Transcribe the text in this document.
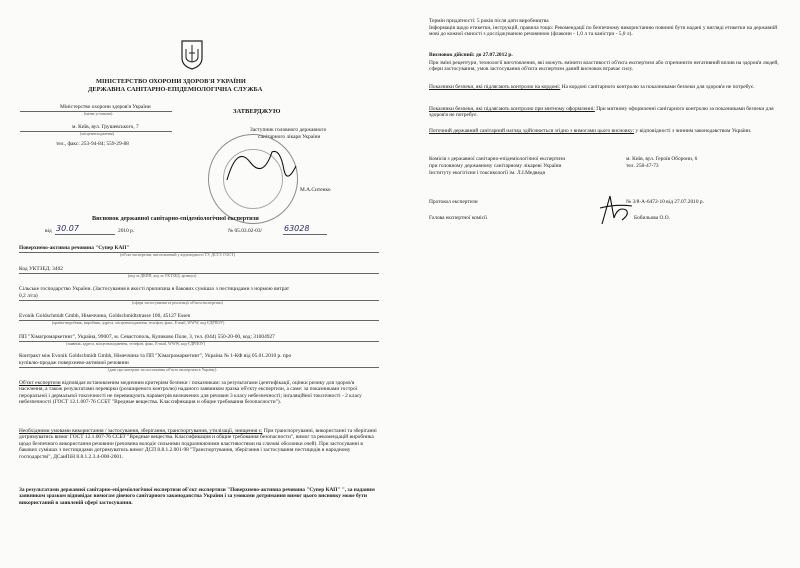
МІНІСТЕРСТВО ОХОРОНИ ЗДОРОВ'Я УКРАЇНИ
ДЕРЖАВНА САНІТАРНО-ЕПІДЕМІОЛОГІЧНА СЛУЖБА
Міністерство охорони здоров'я України
(назва установи)
м. Київ, вул. Грушевського, 7
(місцезнаходження)
тел., факс: 253-94-84; 559-29-88
ЗАТВЕРДЖУЮ
Заступник головного державного
санітарного лікаря України
М.А.Ситенко
Висновок державної санітарно-епідеміологічної експертизи
від 30.07	2010 р.	№ 05.03.02-03/	63028
Поверхнево-активна речовина "Супер КАП"
(об'єкт експертизи, виготовлений у відповідності ТУ, ДСТУ, ГОСТ)
Код УКТЗЕД: 3402
(код за ДКПП, код за УКТЗЕД, артикул)
Сільське господарство України. (Застосування в якості прилипача в бакових сумішах з пестицидами з нормою витрат
0,2 л/га)
(сфера застосування та реалізації об'єкта експертизи)
Evonik Goldschmidt Gmbh, Німеччина, Goldschmidtstrasse 100, 45127 Essen
(країна-виробник, виробник, адреса, місцезнаходження, телефон, факс, E-mail, WWW, код ЄДРПОУ)
ПП "Хімагромаркетинг", Україна, 99007, м. Севастополь, Куликово Поле, 3, тел. (044) 550-20-00, код: 31004927
(заявник, адреса, місцезнаходження, телефон, факс, E-mail, WWW, код ЄДРПОУ)
Контракт між Evonik Goldschmidt Gmbh, Німеччина та ПП "Хімагромаркетинг", Україна № 1-КФ від 05.01.2010 р. про
купівлю-продаж поверхнево-активної речовини
(дані про контракт на постачання об'єкта експертизи в Україну)
Об'єкт експертизи відповідає встановленим медичним критеріям безпеки / показникам: за результатами ідентифікації, оцінки ризику для здоров'я населення, а також результатами перевірки (розширеного контролю) наданого заявником зразка об'єкту експертизи, а саме: за показниками гострої пероральної і дермальної токсичності не перевищують параметрів визначених для речовин 3 класу небезпечності; інгаляційної токсичності - 2 класу небезпечності (ГОСТ 12.1.007-76 ССБТ "Вредные вещества. Классификация и общие требования безопасности").
Необхідними умовами використання / застосування, зберігання, транспортування, утилізації, знищення є: При транспортуванні, використанні та зберіганні дотримуватись вимог ГОСТ 12.1.007-76 ССБТ "Вредные вещества. Классификация и общие требования безопасности", вимог та рекомендацій виробника щодо безпечного використання речовини (речовина володіє сильними подразнюючими властивостями на слизові оболонки очей). При застосуванні в бакових сумішах з пестицидами дотримуватись вимог ДСП 8.8.1.2.001-98 "Транспортування, зберігання і застосування пестицидів в народному господарстві", ДСанПіН 8.8.1.2.3.4-000-2001.
За результатами державної санітарно-епідеміологічної експертизи об'єкт експертизи "Поверхнево-активна речовина "Супер КАП" ", за наданим заявником зразком відповідає вимогам діючого санітарного законодавства України і за умовами дотримання вимог цього висновку може бути використаний в заявленій сфері застосування.
Термін придатності: 5 років після дати виробництва
Інформація щодо етикетки, інструкцій, правила тощо: Рекомендації по безпечному використанню повинні бути надані у вигляді етикетки на державній мові до кожної ємності з досліджуваною речовиною (флакони - 1,0 л та каністри - 5,0 л).
Висновок дійсний: до 27.07.2012 р.
При зміні рецептури, технології виготовлення, які можуть змінити властивості об'єкта експертизи або спричинити негативний вплив на здоров'я людей, сфери застосування, умов застосування об'єкта експертизи даний висновок втрачає силу.
Показники безпеки, які підлягають контролю на кордоні: На кордоні санітарного контролю за показниками безпеки для здоров'я не потребує.
Показники безпеки, які підлягають контролю при митному оформленні: При митному оформленні санітарного контролю за показниками безпеки для здоров'я не потребує.
Поточний державний санітарний нагляд здійснюється згідно з вимогами цього висновку: у відповідності з чинним законодавством України.
Комісія з державної санітарно-епідеміологічної експертизи
при головному державному санітарному лікареві України
Інституту екогігієни і токсикології ім. Л.І.Медведя
м. Київ, вул. Героїв Оборони, 6
тел. 258-47-73
Протокол експертизи	№ 3/8-А-6472-10 від 27.07.2010 р.
Голова експертної комісії	Бобильова О.О.
